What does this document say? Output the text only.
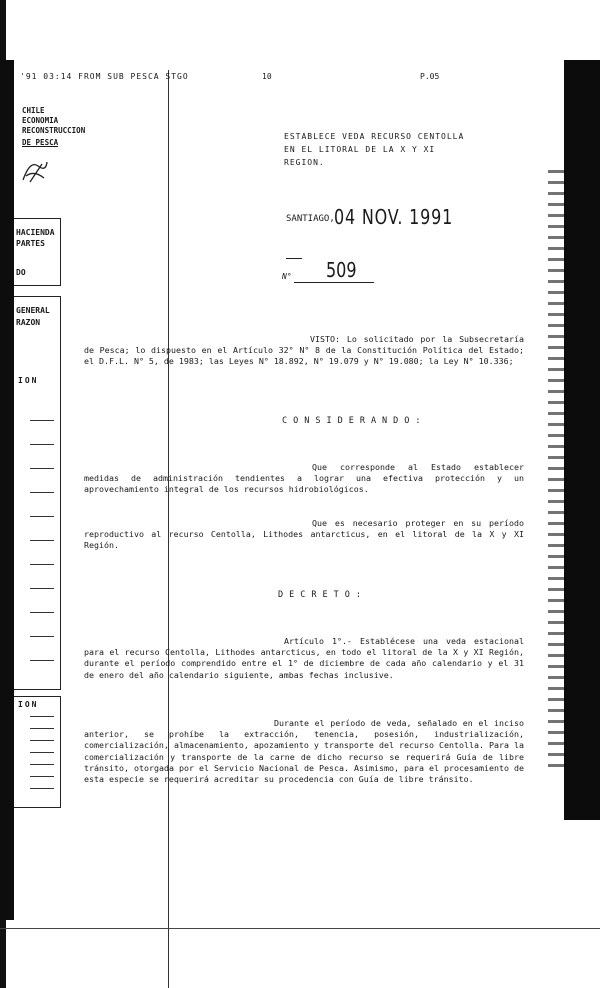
'91 03:14 FROM SUB PESCA STGO	10	P.05
CHILE
ECONOMIA
RECONSTRUCCION
DE PESCA
HACIENDA
PARTES
DO
GENERAL
RAZON
ION
ION
ESTABLECE VEDA RECURSO CENTOLLA EN EL LITORAL DE LA X Y XI REGION.
SANTIAGO, 04 NOV. 1991
N° 509
VISTO: Lo solicitado por la Subsecretaría de Pesca; lo dispuesto en el Artículo 32° N° 8 de la Constitución Política del Estado; el D.F.L. N° 5, de 1983; las Leyes N° 18.892, N° 19.079 y N° 19.080; la Ley N° 10.336;
CONSIDERANDO:
Que corresponde al Estado establecer medidas de administración tendientes a lograr una efectiva protección y un aprovechamiento integral de los recursos hidrobiológicos.
Que es necesario proteger en su período reproductivo al recurso Centolla, Lithodes antarcticus, en el litoral de la X y XI Región.
DECRETO:
Artículo 1°.- Establécese una veda estacional para el recurso Centolla, Lithodes antarcticus, en todo el litoral de la X y XI Región, durante el período comprendido entre el 1° de diciembre de cada año calendario y el 31 de enero del año calendario siguiente, ambas fechas inclusive.
Durante el período de veda, señalado en el inciso anterior, se prohíbe la extracción, tenencia, posesión, industrialización, comercialización, almacenamiento, apozamiento y transporte del recurso Centolla. Para la comercialización y transporte de la carne de dicho recurso se requerirá Guía de libre tránsito, otorgada por el Servicio Nacional de Pesca. Asimismo, para el procesamiento de esta especie se requerirá acreditar su procedencia con Guía de libre tránsito.
